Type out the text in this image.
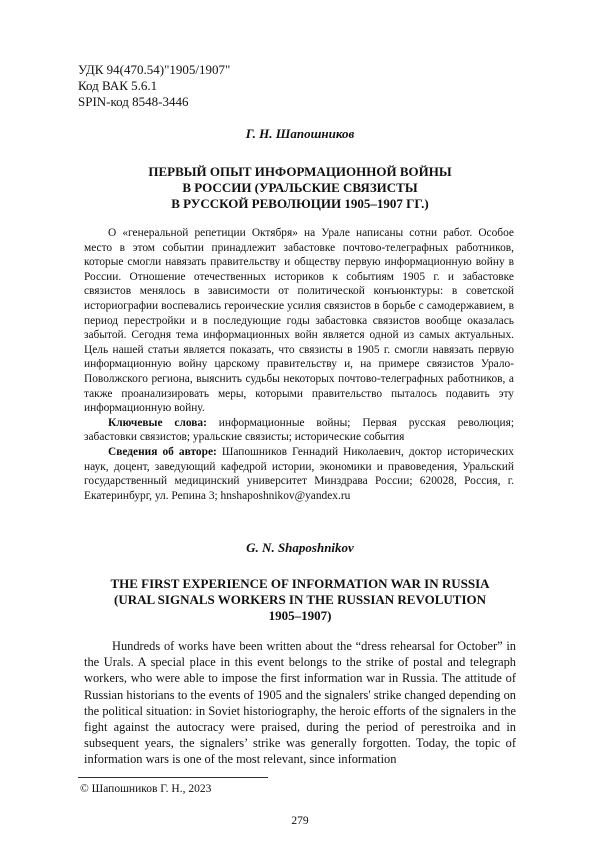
УДК 94(470.54)"1905/1907"
Код ВАК 5.6.1
SPIN-код 8548-3446
Г. Н. Шапошников
ПЕРВЫЙ ОПЫТ ИНФОРМАЦИОННОЙ ВОЙНЫ
В РОССИИ (УРАЛЬСКИЕ СВЯЗИСТЫ
В РУССКОЙ РЕВОЛЮЦИИ 1905–1907 ГГ.)

О «генеральной репетиции Октября» на Урале написаны сотни работ. Особое место в этом событии принадлежит забастовке почтово-телеграфных работников, которые смогли навязать правительству и обществу первую информационную войну в России. Отношение отечественных историков к событиям 1905 г. и забастовке связистов менялось в зависимости от политической конъюнктуры: в советской историографии воспевались героические усилия связистов в борьбе с самодержавием, в период перестройки и в последующие годы забастовка связистов вообще оказалась забытой. Сегодня тема информационных войн является одной из самых актуальных. Цель нашей статьи является показать, что связисты в 1905 г. смогли навязать первую информационную войну царскому правительству и, на примере связистов Урало-Поволжского региона, выяснить судьбы некоторых почтово-телеграфных работников, а также проанализировать меры, которыми правительство пыталось подавить эту информационную войну.

Ключевые слова: информационные войны; Первая русская революция; забастовки связистов; уральские связисты; исторические события

Сведения об авторе: Шапошников Геннадий Николаевич, доктор исторических наук, доцент, заведующий кафедрой истории, экономики и правоведения, Уральский государственный медицинский университет Минздрава России; 620028, Россия, г. Екатеринбург, ул. Репина 3; hnshaposhnikov@yandex.ru

G. N. Shaposhnikov
THE FIRST EXPERIENCE OF INFORMATION WAR IN RUSSIA
(URAL SIGNALS WORKERS IN THE RUSSIAN REVOLUTION
1905–1907)

Hundreds of works have been written about the “dress rehearsal for October” in the Urals. A special place in this event belongs to the strike of postal and telegraph workers, who were able to impose the first information war in Russia. The attitude of Russian historians to the events of 1905 and the signalers' strike changed depending on the political situation: in Soviet historiography, the heroic efforts of the signalers in the fight against the autocracy were praised, during the period of perestroika and in subsequent years, the signalers’ strike was generally forgotten. Today, the topic of information wars is one of the most relevant, since information

© Шапошников Г. Н., 2023
279
